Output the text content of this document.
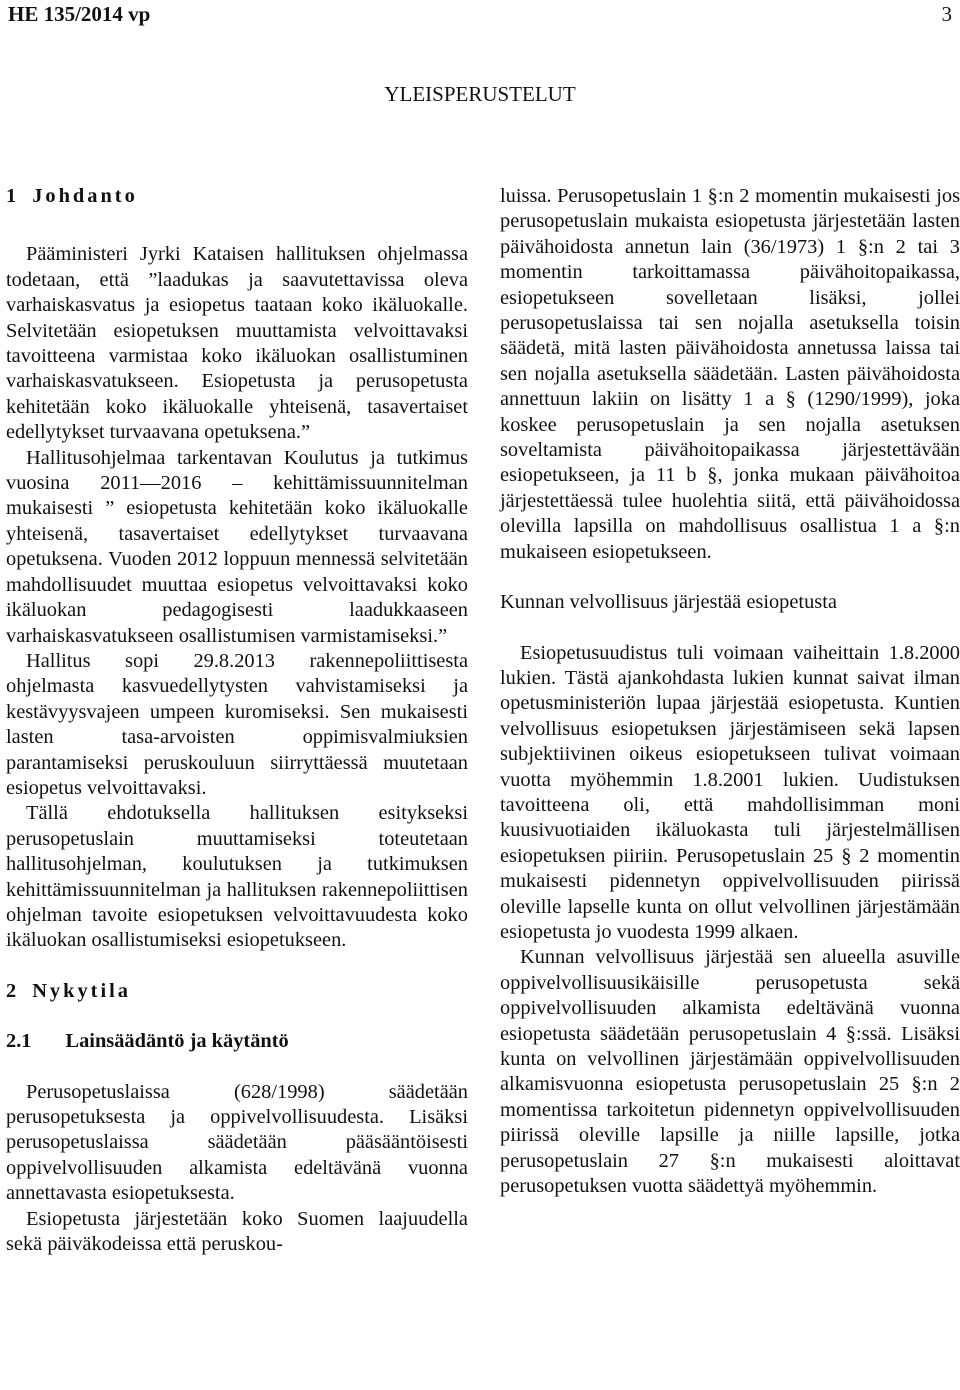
HE 135/2014 vp	3
YLEISPERUSTELUT
1 Johdanto

Pääministeri Jyrki Kataisen hallituksen ohjelmassa todetaan, että ”laadukas ja saavutettavissa oleva varhaiskasvatus ja esiopetus taataan koko ikäluokalle. Selvitetään esiopetuksen muuttamista velvoittavaksi tavoitteena varmistaa koko ikäluokan osallistuminen varhaiskasvatukseen. Esiopetusta ja perusopetusta kehitetään koko ikäluokalle yhteisenä, tasavertaiset edellytykset turvaavana opetuksena.”

Hallitusohjelmaa tarkentavan Koulutus ja tutkimus vuosina 2011—2016 – kehittämissuunnitelman mukaisesti ” esiopetusta kehitetään koko ikäluokalle yhteisenä, tasavertaiset edellytykset turvaavana opetuksena. Vuoden 2012 loppuun mennessä selvitetään mahdollisuudet muuttaa esiopetus velvoittavaksi koko ikäluokan pedagogisesti laadukkaaseen varhaiskasvatukseen osallistumisen varmistamiseksi.”

Hallitus sopi 29.8.2013 rakennepoliittisesta ohjelmasta kasvuedellytysten vahvistamiseksi ja kestävyysvajeen umpeen kuromiseksi. Sen mukaisesti lasten tasa-arvoisten oppimisvalmiuksien parantamiseksi peruskouluun siirryttäessä muutetaan esiopetus velvoittavaksi.

Tällä ehdotuksella hallituksen esitykseksi perusopetuslain muuttamiseksi toteutetaan hallitusohjelman, koulutuksen ja tutkimuksen kehittämissuunnitelman ja hallituksen rakennepoliittisen ohjelman tavoite esiopetuksen velvoittavuudesta koko ikäluokan osallistumiseksi esiopetukseen.

2 Nykytila
2.1 Lainsäädäntö ja käytäntö

Perusopetuslaissa (628/1998) säädetään perusopetuksesta ja oppivelvollisuudesta. Lisäksi perusopetuslaissa säädetään pääsääntöisesti oppivelvollisuuden alkamista edeltävänä vuonna annettavasta esiopetuksesta.

Esiopetusta järjestetään koko Suomen laajuudella sekä päiväkodeissa että peruskou-

luissa. Perusopetuslain 1 §:n 2 momentin mukaisesti jos perusopetuslain mukaista esiopetusta järjestetään lasten päivähoidosta annetun lain (36/1973) 1 §:n 2 tai 3 momentin tarkoittamassa päivähoitopaikassa, esiopetukseen sovelletaan lisäksi, jollei perusopetuslaissa tai sen nojalla asetuksella toisin säädetä, mitä lasten päivähoidosta annetussa laissa tai sen nojalla asetuksella säädetään. Lasten päivähoidosta annettuun lakiin on lisätty 1 a § (1290/1999), joka koskee perusopetuslain ja sen nojalla asetuksen soveltamista päivähoitopaikassa järjestettävään esiopetukseen, ja 11 b §, jonka mukaan päivähoitoa järjestettäessä tulee huolehtia siitä, että päivähoidossa olevilla lapsilla on mahdollisuus osallistua 1 a §:n mukaiseen esiopetukseen.

Kunnan velvollisuus järjestää esiopetusta

Esiopetusuudistus tuli voimaan vaiheittain 1.8.2000 lukien. Tästä ajankohdasta lukien kunnat saivat ilman opetusministeriön lupaa järjestää esiopetusta. Kuntien velvollisuus esiopetuksen järjestämiseen sekä lapsen subjektiivinen oikeus esiopetukseen tulivat voimaan vuotta myöhemmin 1.8.2001 lukien. Uudistuksen tavoitteena oli, että mahdollisimman moni kuusivuotiaiden ikäluokasta tuli järjestelmällisen esiopetuksen piiriin. Perusopetuslain 25 § 2 momentin mukaisesti pidennetyn oppivelvollisuuden piirissä oleville lapselle kunta on ollut velvollinen järjestämään esiopetusta jo vuodesta 1999 alkaen.

Kunnan velvollisuus järjestää sen alueella asuville oppivelvollisuusikäisille perusopetusta sekä oppivelvollisuuden alkamista edeltävänä vuonna esiopetusta säädetään perusopetuslain 4 §:ssä. Lisäksi kunta on velvollinen järjestämään oppivelvollisuuden alkamisvuonna esiopetusta perusopetuslain 25 §:n 2 momentissa tarkoitetun pidennetyn oppivelvollisuuden piirissä oleville lapsille ja niille lapsille, jotka perusopetuslain 27 §:n mukaisesti aloittavat perusopetuksen vuotta säädettyä myöhemmin.
